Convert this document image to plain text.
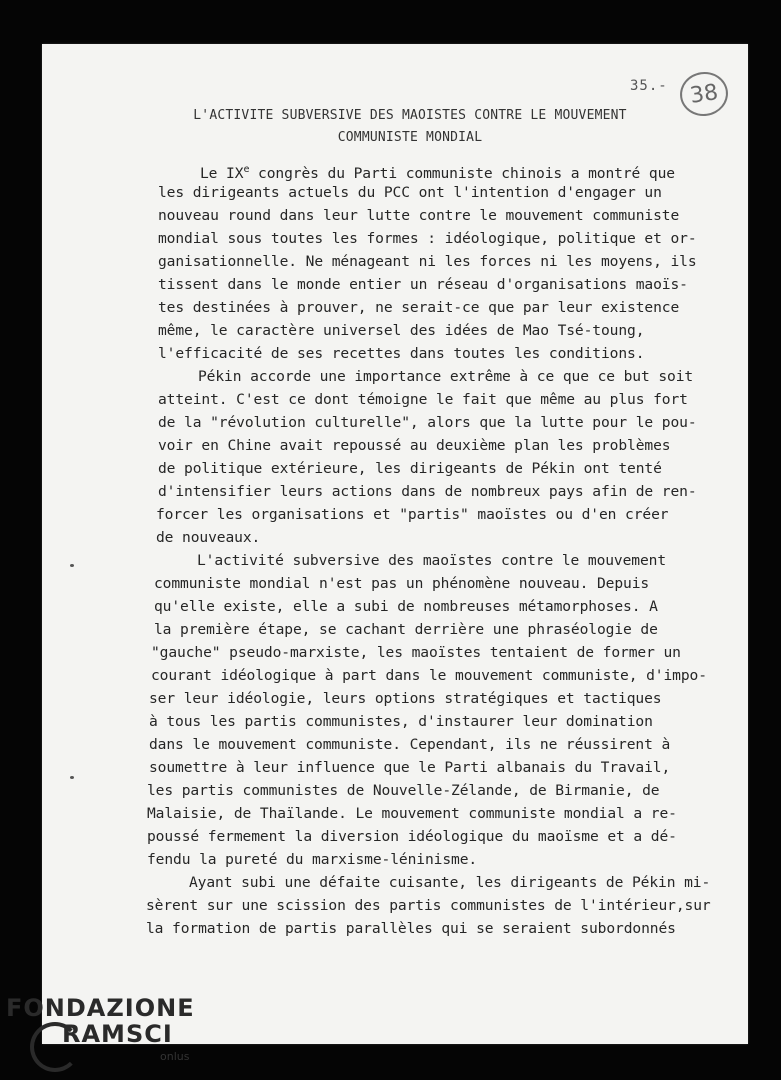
35.- 38
L'ACTIVITE SUBVERSIVE DES MAOISTES CONTRE LE MOUVEMENT
COMMUNISTE MONDIAL
Le IXe congrès du Parti communiste chinois a montré que
les dirigeants actuels du PCC ont l'intention d'engager un
nouveau round dans leur lutte contre le mouvement communiste
mondial sous toutes les formes : idéologique, politique et or-
ganisationnelle. Ne ménageant ni les forces ni les moyens, ils
tissent dans le monde entier un réseau d'organisations maoïs-
tes destinées à prouver, ne serait-ce que par leur existence
même, le caractère universel des idées de Mao Tsé-toung,
l'efficacité de ses recettes dans toutes les conditions.
Pékin accorde une importance extrême à ce que ce but soit
atteint. C'est ce dont témoigne le fait que même au plus fort
de la "révolution culturelle", alors que la lutte pour le pou-
voir en Chine avait repoussé au deuxième plan les problèmes
de politique extérieure, les dirigeants de Pékin ont tenté
d'intensifier leurs actions dans de nombreux pays afin de ren-
forcer les organisations et "partis" maoïstes ou d'en créer
de nouveaux.
L'activité subversive des maoïstes contre le mouvement
communiste mondial n'est pas un phénomène nouveau. Depuis
qu'elle existe, elle a subi de nombreuses métamorphoses. A
la première étape, se cachant derrière une phraséologie de
"gauche" pseudo-marxiste, les maoïstes tentaient de former un
courant idéologique à part dans le mouvement communiste, d'impo-
ser leur idéologie, leurs options stratégiques et tactiques
à tous les partis communistes, d'instaurer leur domination
dans le mouvement communiste. Cependant, ils ne réussirent à
soumettre à leur influence que le Parti albanais du Travail,
les partis communistes de Nouvelle-Zélande, de Birmanie, de
Malaisie, de Thaïlande. Le mouvement communiste mondial a re-
poussé fermement la diversion idéologique du maoïsme et a dé-
fendu la pureté du marxisme-léninisme.
Ayant subi une défaite cuisante, les dirigeants de Pékin mi-
sèrent sur une scission des partis communistes de l'intérieur,sur
la formation de partis parallèles qui se seraient subordonnés
FONDAZIONE
RAMSCI
onlus
